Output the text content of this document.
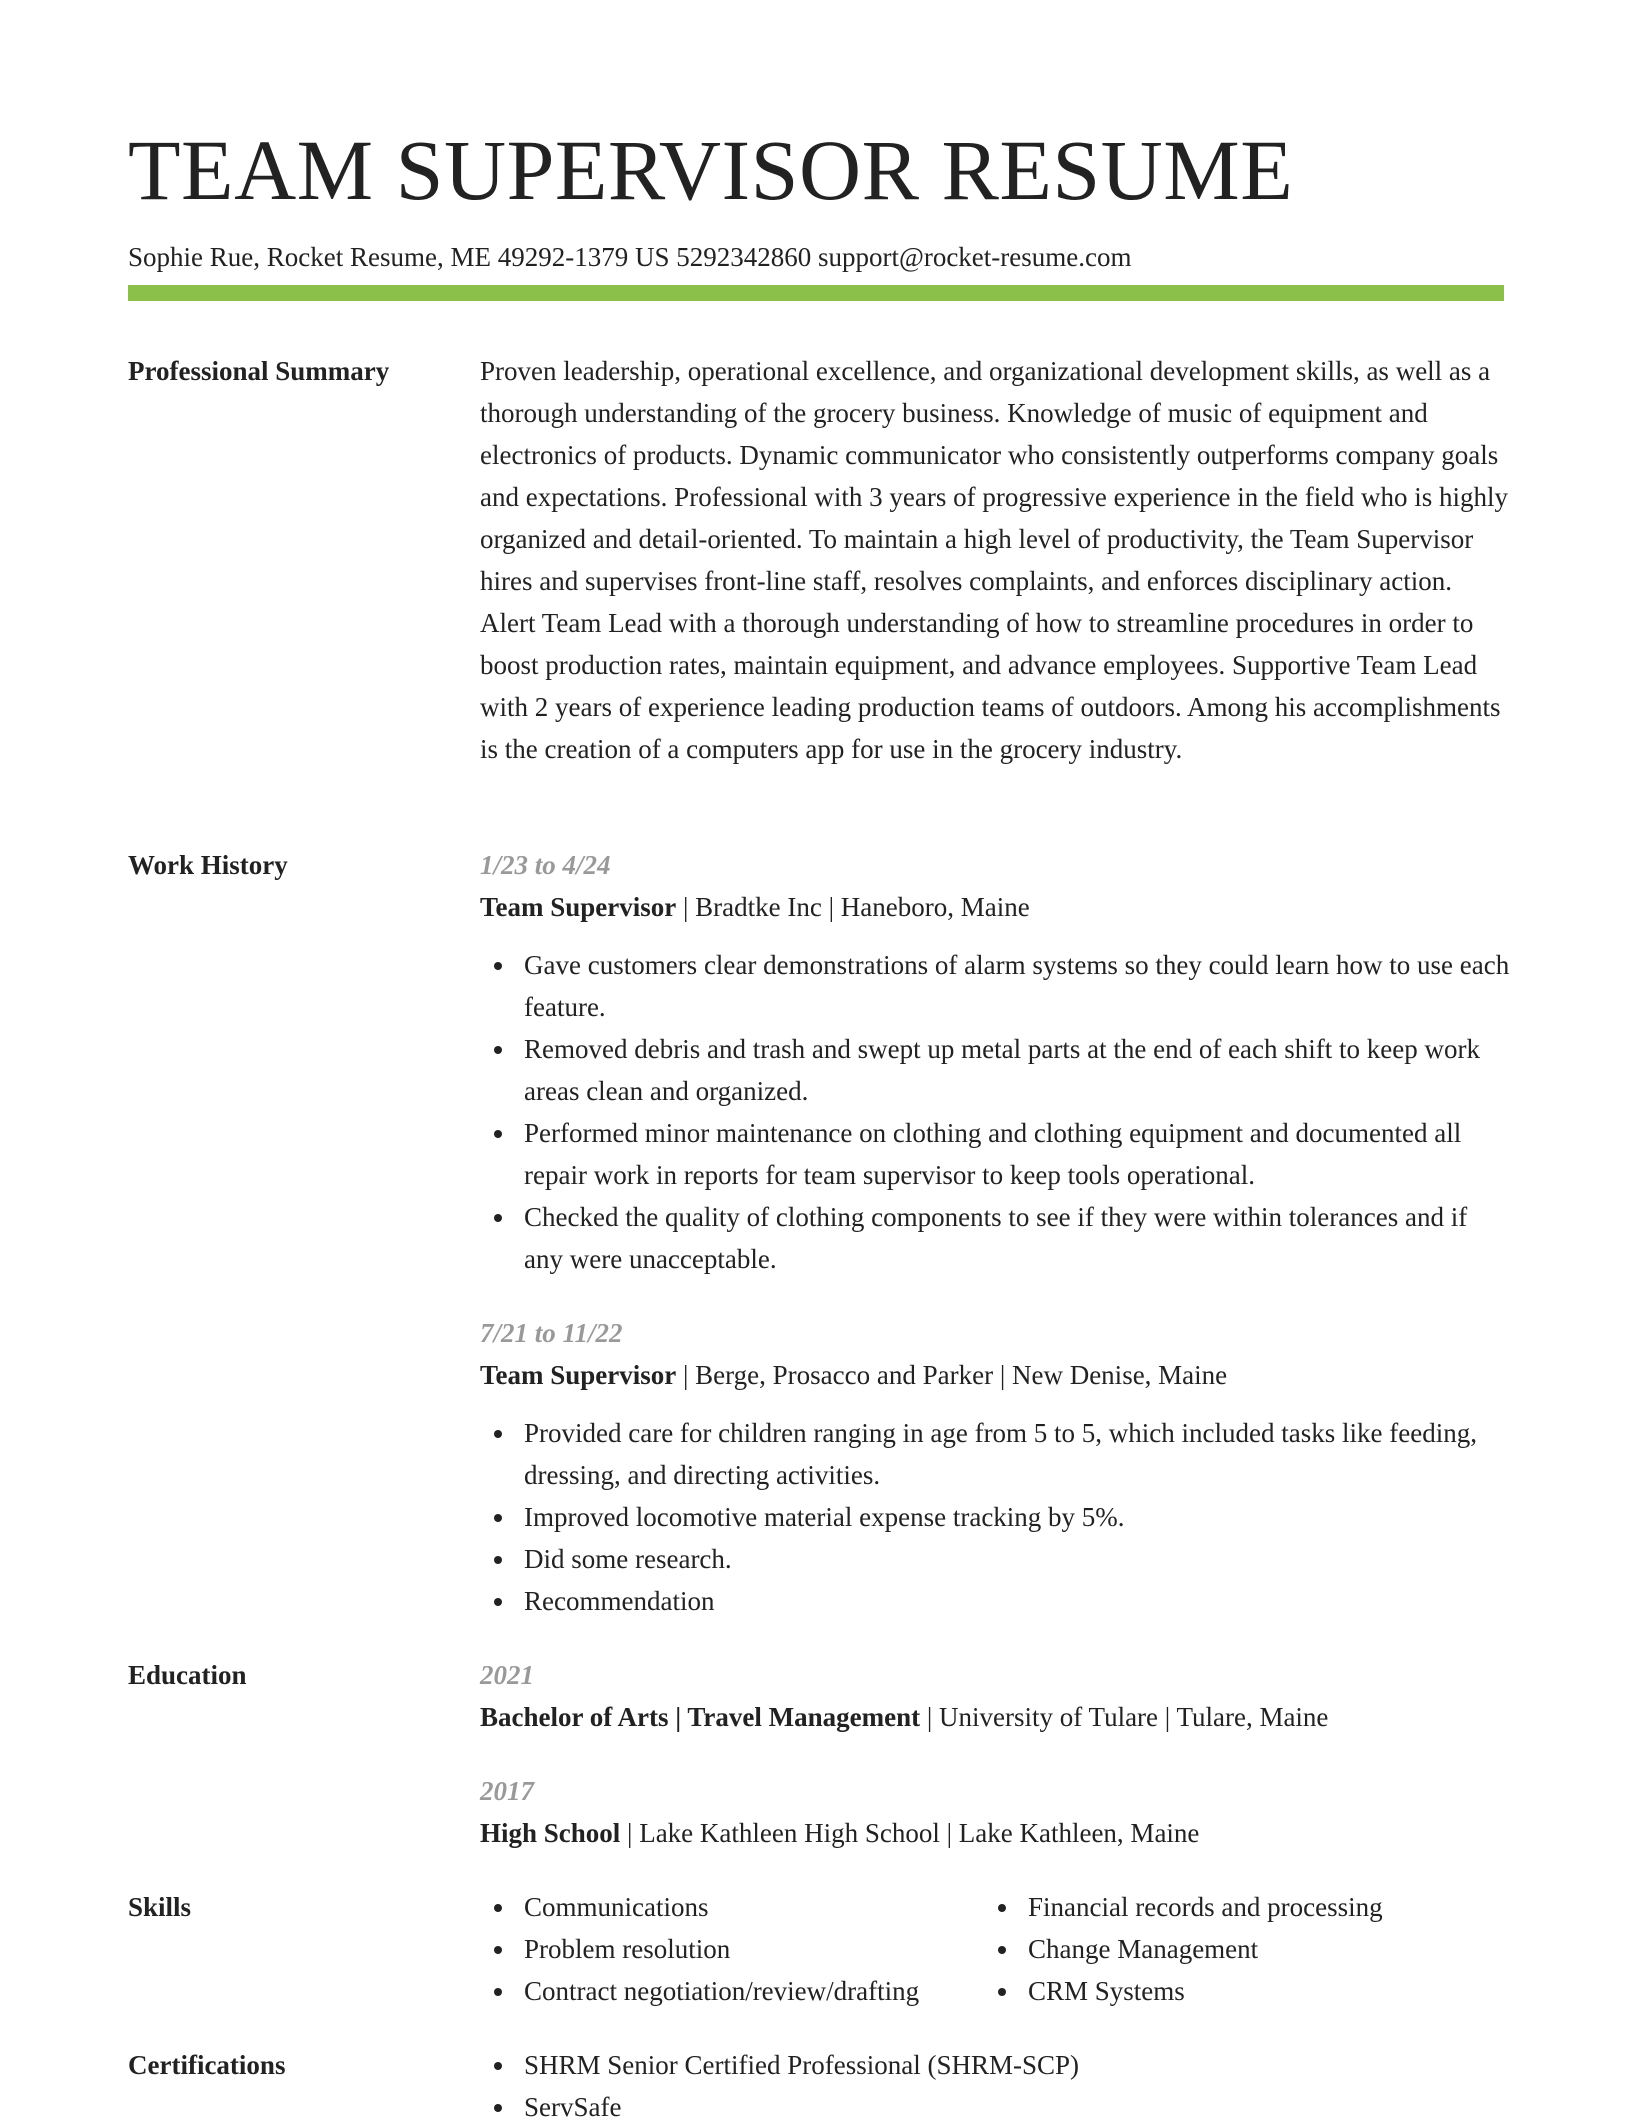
TEAM SUPERVISOR RESUME
Sophie Rue, Rocket Resume, ME 49292-1379 US 5292342860 support@rocket-resume.com
Professional Summary	Proven leadership, operational excellence, and organizational development skills, as well as a thorough understanding of the grocery business. Knowledge of music of equipment and electronics of products. Dynamic communicator who consistently outperforms company goals and expectations. Professional with 3 years of progressive experience in the field who is highly organized and detail-oriented. To maintain a high level of productivity, the Team Supervisor hires and supervises front-line staff, resolves complaints, and enforces disciplinary action. Alert Team Lead with a thorough understanding of how to streamline procedures in order to boost production rates, maintain equipment, and advance employees. Supportive Team Lead with 2 years of experience leading production teams of outdoors. Among his accomplishments is the creation of a computers app for use in the grocery industry.

Work History	1/23 to 4/24
Team Supervisor | Bradtke Inc | Haneboro, Maine
Gave customers clear demonstrations of alarm systems so they could learn how to use each feature.
Removed debris and trash and swept up metal parts at the end of each shift to keep work areas clean and organized.
Performed minor maintenance on clothing and clothing equipment and documented all repair work in reports for team supervisor to keep tools operational.
Checked the quality of clothing components to see if they were within tolerances and if any were unacceptable.
7/21 to 11/22
Team Supervisor | Berge, Prosacco and Parker | New Denise, Maine
Provided care for children ranging in age from 5 to 5, which included tasks like feeding, dressing, and directing activities.
Improved locomotive material expense tracking by 5%.
Did some research.
Recommendation
Education	2021
Bachelor of Arts | Travel Management | University of Tulare | Tulare, Maine
2017
High School | Lake Kathleen High School | Lake Kathleen, Maine
Skills	Communications
Problem resolution
Contract negotiation/review/drafting
Financial records and processing
Change Management
CRM Systems
Certifications	SHRM Senior Certified Professional (SHRM-SCP)
ServSafe
